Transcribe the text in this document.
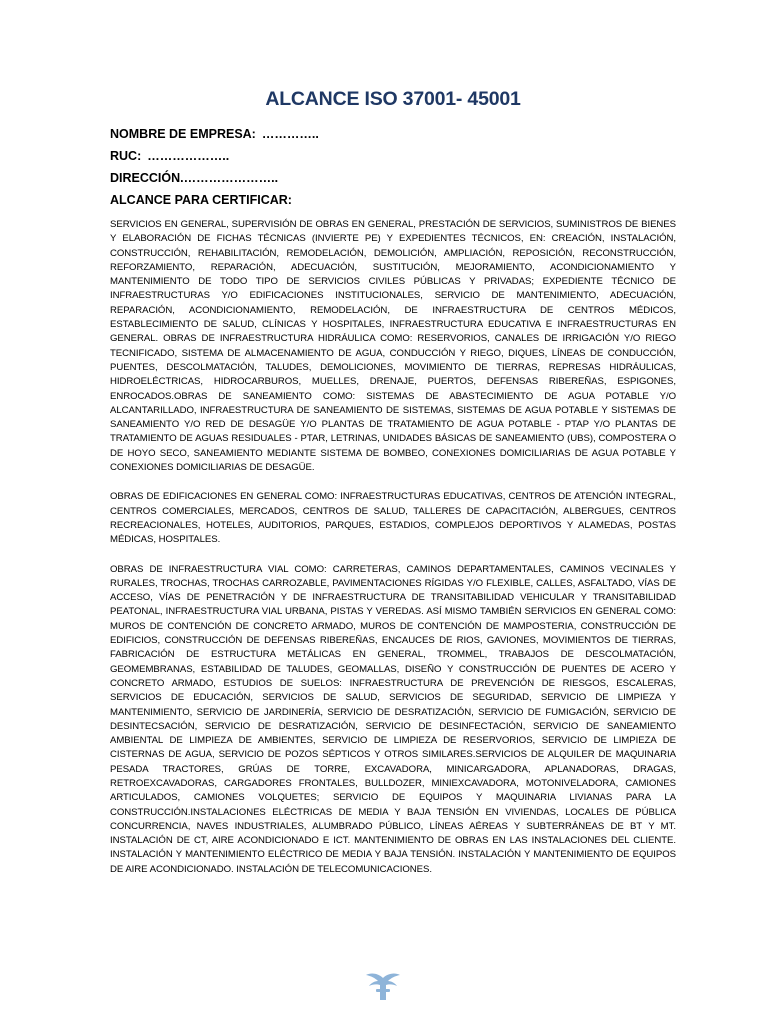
ALCANCE ISO 37001- 45001
NOMBRE DE EMPRESA: …………..
RUC: ………………..
DIRECCIÓN.…………………..
ALCANCE PARA CERTIFICAR:

SERVICIOS EN GENERAL, SUPERVISIÓN DE OBRAS EN GENERAL, PRESTACIÓN DE SERVICIOS, SUMINISTROS DE BIENES Y ELABORACIÓN DE FICHAS TÉCNICAS (INVIERTE PE) Y EXPEDIENTES TÉCNICOS, EN: CREACIÓN, INSTALACIÓN, CONSTRUCCIÓN, REHABILITACIÓN, REMODELACIÓN, DEMOLICIÓN, AMPLIACIÓN, REPOSICIÓN, RECONSTRUCCIÓN, REFORZAMIENTO, REPARACIÓN, ADECUACIÓN, SUSTITUCIÓN, MEJORAMIENTO, ACONDICIONAMIENTO Y MANTENIMIENTO DE TODO TIPO DE SERVICIOS CIVILES PÚBLICAS Y PRIVADAS; EXPEDIENTE TÉCNICO DE INFRAESTRUCTURAS Y/O EDIFICACIONES INSTITUCIONALES, SERVICIO DE MANTENIMIENTO, ADECUACIÓN, REPARACIÓN, ACONDICIONAMIENTO, REMODELACIÓN, DE INFRAESTRUCTURA DE CENTROS MÉDICOS, ESTABLECIMIENTO DE SALUD, CLÍNICAS Y HOSPITALES, INFRAESTRUCTURA EDUCATIVA E INFRAESTRUCTURAS EN GENERAL. OBRAS DE INFRAESTRUCTURA HIDRÁULICA COMO: RESERVORIOS, CANALES DE IRRIGACIÓN Y/O RIEGO TECNIFICADO, SISTEMA DE ALMACENAMIENTO DE AGUA, CONDUCCIÓN Y RIEGO, DIQUES, LÍNEAS DE CONDUCCIÓN, PUENTES, DESCOLMATACIÓN, TALUDES, DEMOLICIONES, MOVIMIENTO DE TIERRAS, REPRESAS HIDRÁULICAS, HIDROELÉCTRICAS, HIDROCARBUROS, MUELLES, DRENAJE, PUERTOS, DEFENSAS RIBEREÑAS, ESPIGONES, ENROCADOS.OBRAS DE SANEAMIENTO COMO: SISTEMAS DE ABASTECIMIENTO DE AGUA POTABLE Y/O ALCANTARILLADO, INFRAESTRUCTURA DE SANEAMIENTO DE SISTEMAS, SISTEMAS DE AGUA POTABLE Y SISTEMAS DE SANEAMIENTO Y/O RED DE DESAGÜE Y/O PLANTAS DE TRATAMIENTO DE AGUA POTABLE - PTAP Y/O PLANTAS DE TRATAMIENTO DE AGUAS RESIDUALES - PTAR, LETRINAS, UNIDADES BÁSICAS DE SANEAMIENTO (UBS), COMPOSTERA O DE HOYO SECO, SANEAMIENTO MEDIANTE SISTEMA DE BOMBEO, CONEXIONES DOMICILIARIAS DE AGUA POTABLE Y CONEXIONES DOMICILIARIAS DE DESAGÜE.

OBRAS DE EDIFICACIONES EN GENERAL COMO: INFRAESTRUCTURAS EDUCATIVAS, CENTROS DE ATENCIÓN INTEGRAL, CENTROS COMERCIALES, MERCADOS, CENTROS DE SALUD, TALLERES DE CAPACITACIÓN, ALBERGUES, CENTROS RECREACIONALES, HOTELES, AUDITORIOS, PARQUES, ESTADIOS, COMPLEJOS DEPORTIVOS Y ALAMEDAS, POSTAS MÉDICAS, HOSPITALES.

OBRAS DE INFRAESTRUCTURA VIAL COMO: CARRETERAS, CAMINOS DEPARTAMENTALES, CAMINOS VECINALES Y RURALES, TROCHAS, TROCHAS CARROZABLE, PAVIMENTACIONES RÍGIDAS Y/O FLEXIBLE, CALLES, ASFALTADO, VÍAS DE ACCESO, VÍAS DE PENETRACIÓN Y DE INFRAESTRUCTURA DE TRANSITABILIDAD VEHICULAR Y TRANSITABILIDAD PEATONAL, INFRAESTRUCTURA VIAL URBANA, PISTAS Y VEREDAS. ASÍ MISMO TAMBIÉN SERVICIOS EN GENERAL COMO: MUROS DE CONTENCIÓN DE CONCRETO ARMADO, MUROS DE CONTENCIÓN DE MAMPOSTERIA, CONSTRUCCIÓN DE EDIFICIOS, CONSTRUCCIÓN DE DEFENSAS RIBEREÑAS, ENCAUCES DE RIOS, GAVIONES, MOVIMIENTOS DE TIERRAS, FABRICACIÓN DE ESTRUCTURA METÁLICAS EN GENERAL, TROMMEL, TRABAJOS DE DESCOLMATACIÓN, GEOMEMBRANAS, ESTABILIDAD DE TALUDES, GEOMALLAS, DISEÑO Y CONSTRUCCIÓN DE PUENTES DE ACERO Y CONCRETO ARMADO, ESTUDIOS DE SUELOS: INFRAESTRUCTURA DE PREVENCIÓN DE RIESGOS, ESCALERAS, SERVICIOS DE EDUCACIÓN, SERVICIOS DE SALUD, SERVICIOS DE SEGURIDAD, SERVICIO DE LIMPIEZA Y MANTENIMIENTO, SERVICIO DE JARDINERÍA, SERVICIO DE DESRATIZACIÓN, SERVICIO DE FUMIGACIÓN, SERVICIO DE DESINTECSACIÓN, SERVICIO DE DESRATIZACIÓN, SERVICIO DE DESINFECTACIÓN, SERVICIO DE SANEAMIENTO AMBIENTAL DE LIMPIEZA DE AMBIENTES, SERVICIO DE LIMPIEZA DE RESERVORIOS, SERVICIO DE LIMPIEZA DE CISTERNAS DE AGUA, SERVICIO DE POZOS SÉPTICOS Y OTROS SIMILARES.SERVICIOS DE ALQUILER DE MAQUINARIA PESADA TRACTORES, GRÚAS DE TORRE, EXCAVADORA, MINICARGADORA, APLANADORAS, DRAGAS, RETROEXCAVADORAS, CARGADORES FRONTALES, BULLDOZER, MINIEXCAVADORA, MOTONIVELADORA, CAMIONES ARTICULADOS, CAMIONES VOLQUETES; SERVICIO DE EQUIPOS Y MAQUINARIA LIVIANAS PARA LA CONSTRUCCIÓN.INSTALACIONES ELÉCTRICAS DE MEDIA Y BAJA TENSIÓN EN VIVIENDAS, LOCALES DE PÚBLICA CONCURRENCIA, NAVES INDUSTRIALES, ALUMBRADO PÚBLICO, LÍNEAS AÉREAS Y SUBTERRÁNEAS DE BT Y MT. INSTALACIÓN DE CT, AIRE ACONDICIONADO E ICT. MANTENIMIENTO DE OBRAS EN LAS INSTALACIONES DEL CLIENTE. INSTALACIÓN Y MANTENIMIENTO ELÉCTRICO DE MEDIA Y BAJA TENSIÓN. INSTALACIÓN Y MANTENIMIENTO DE EQUIPOS DE AIRE ACONDICIONADO. INSTALACIÓN DE TELECOMUNICACIONES.
